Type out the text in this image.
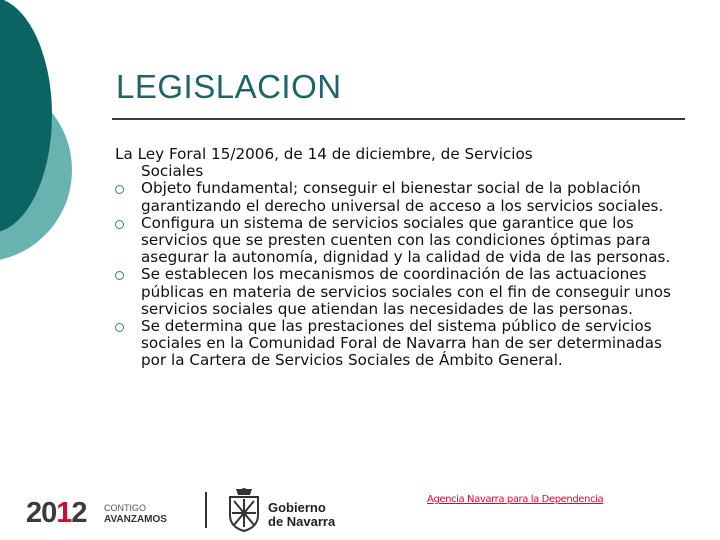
LEGISLACION
La Ley Foral 15/2006, de 14 de diciembre, de Servicios
Sociales
Objeto fundamental; conseguir el bienestar social de la población garantizando el derecho universal de acceso a los servicios sociales.
Configura un sistema de servicios sociales que garantice que los servicios que se presten cuenten con las condiciones óptimas para asegurar la autonomía, dignidad y la calidad de vida de las personas.
Se establecen los mecanismos de coordinación de las actuaciones públicas en materia de servicios sociales con el fin de conseguir unos servicios sociales que atiendan las necesidades de las personas.
Se determina que las prestaciones del sistema público de servicios sociales en la Comunidad Foral de Navarra han de ser determinadas por la Cartera de Servicios Sociales de Ámbito General.
2012 CONTIGO
AVANZAMOS
Gobierno
de Navarra
Agencia Navarra para la Dependencia
